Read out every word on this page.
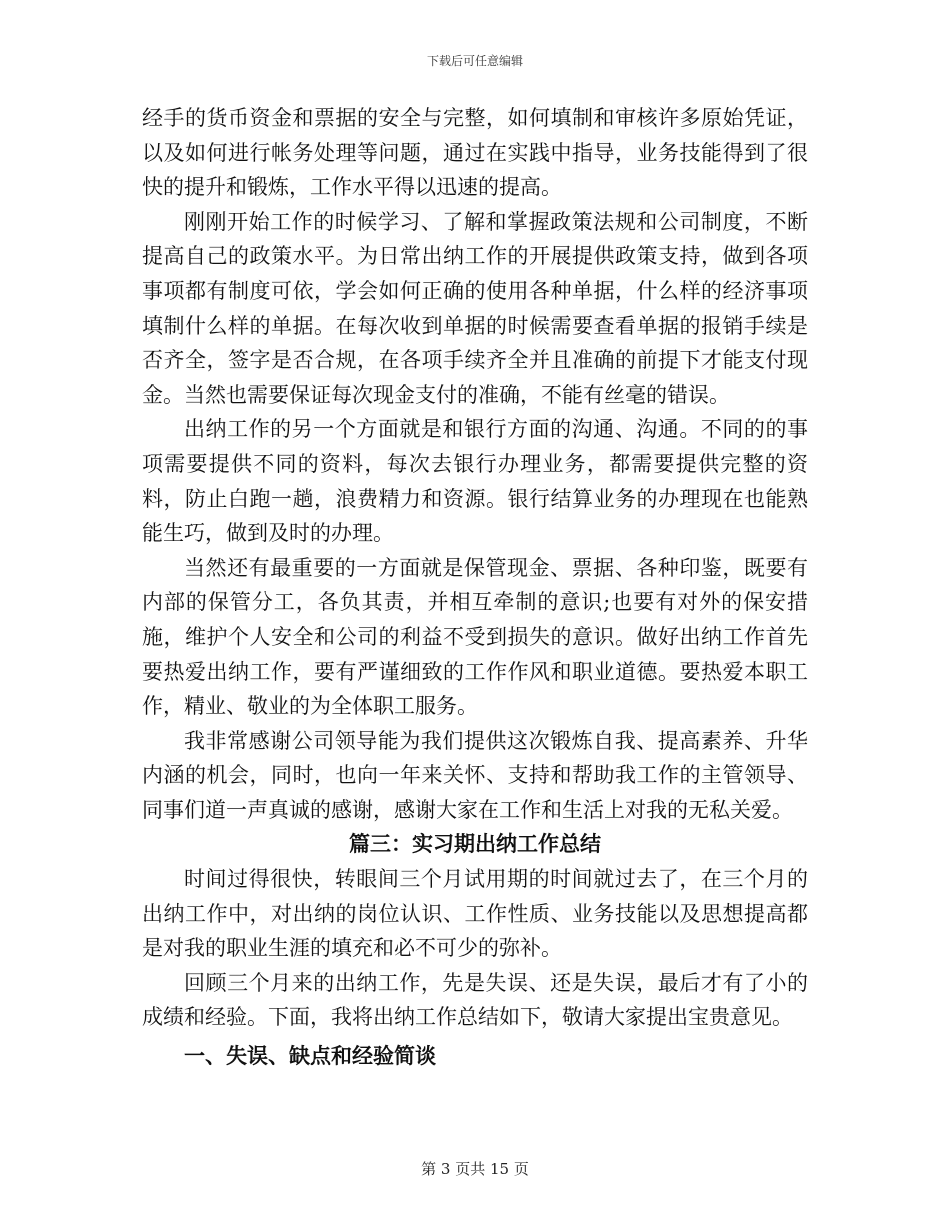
下载后可任意编辑

经手的货币资金和票据的安全与完整，如何填制和审核许多原始凭证，以及如何进行帐务处理等问题，通过在实践中指导，业务技能得到了很快的提升和锻炼，工作水平得以迅速的提高。

刚刚开始工作的时候学习、了解和掌握政策法规和公司制度，不断提高自己的政策水平。为日常出纳工作的开展提供政策支持，做到各项事项都有制度可依，学会如何正确的使用各种单据，什么样的经济事项填制什么样的单据。在每次收到单据的时候需要查看单据的报销手续是否齐全，签字是否合规，在各项手续齐全并且准确的前提下才能支付现金。当然也需要保证每次现金支付的准确，不能有丝毫的错误。

出纳工作的另一个方面就是和银行方面的沟通、沟通。不同的的事项需要提供不同的资料，每次去银行办理业务，都需要提供完整的资料，防止白跑一趟，浪费精力和资源。银行结算业务的办理现在也能熟能生巧，做到及时的办理。

当然还有最重要的一方面就是保管现金、票据、各种印鉴，既要有内部的保管分工，各负其责，并相互牵制的意识;也要有对外的保安措施，维护个人安全和公司的利益不受到损失的意识。做好出纳工作首先要热爱出纳工作，要有严谨细致的工作作风和职业道德。要热爱本职工作，精业、敬业的为全体职工服务。

我非常感谢公司领导能为我们提供这次锻炼自我、提高素养、升华内涵的机会，同时，也向一年来关怀、支持和帮助我工作的主管领导、同事们道一声真诚的感谢，感谢大家在工作和生活上对我的无私关爱。

篇三：实习期出纳工作总结

时间过得很快，转眼间三个月试用期的时间就过去了，在三个月的出纳工作中，对出纳的岗位认识、工作性质、业务技能以及思想提高都是对我的职业生涯的填充和必不可少的弥补。

回顾三个月来的出纳工作，先是失误、还是失误，最后才有了小的成绩和经验。下面，我将出纳工作总结如下，敬请大家提出宝贵意见。

一、失误、缺点和经验简谈

第 3 页共 15 页
